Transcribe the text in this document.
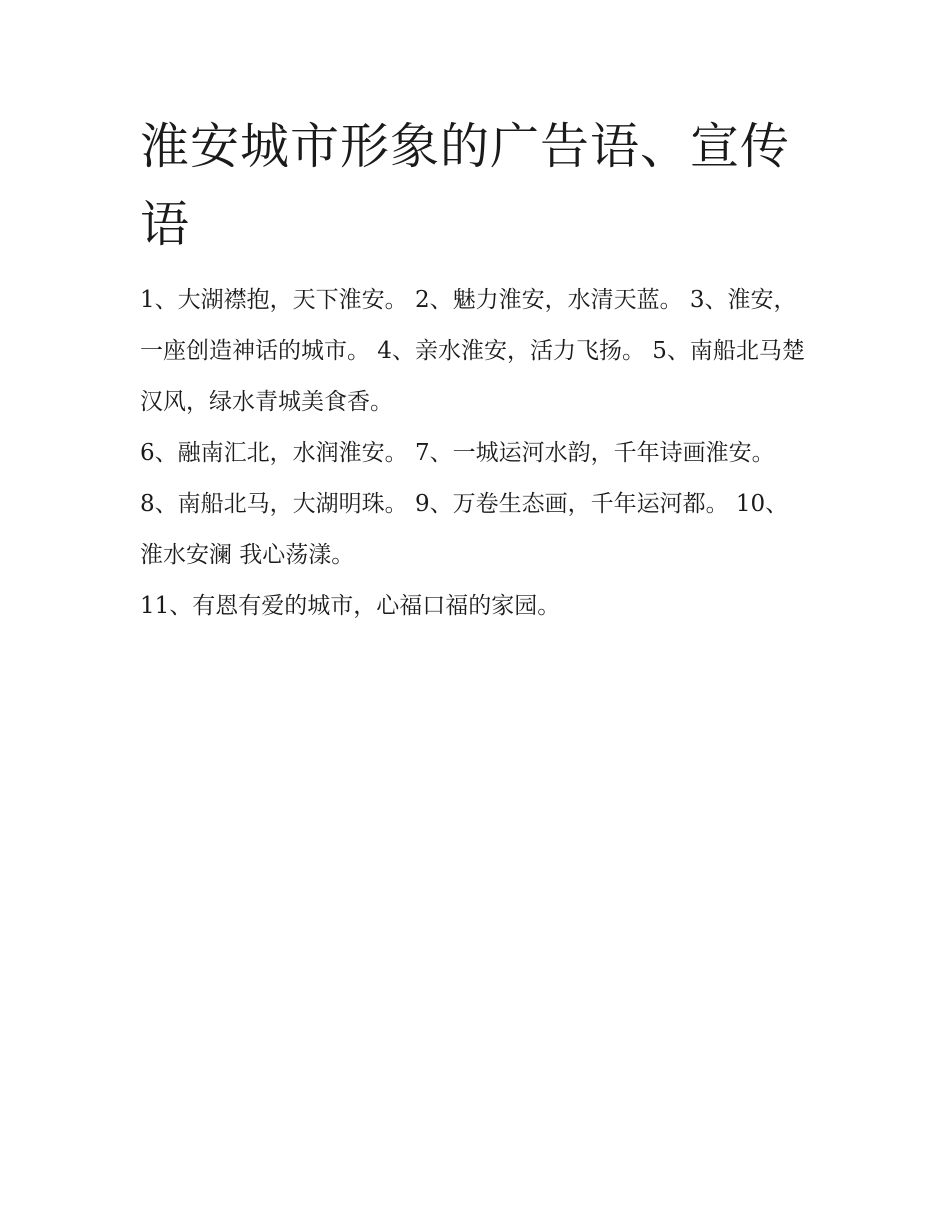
淮安城市形象的广告语、宣传语

1、大湖襟抱，天下淮安。 2、魅力淮安，水清天蓝。 3、淮安，一座创造神话的城市。 4、亲水淮安，活力飞扬。 5、南船北马楚汉风，绿水青城美食香。

6、融南汇北，水润淮安。 7、一城运河水韵，千年诗画淮安。 8、南船北马，大湖明珠。 9、万卷生态画，千年运河都。 10、淮水安澜 我心荡漾。

11、有恩有爱的城市，心福口福的家园。
